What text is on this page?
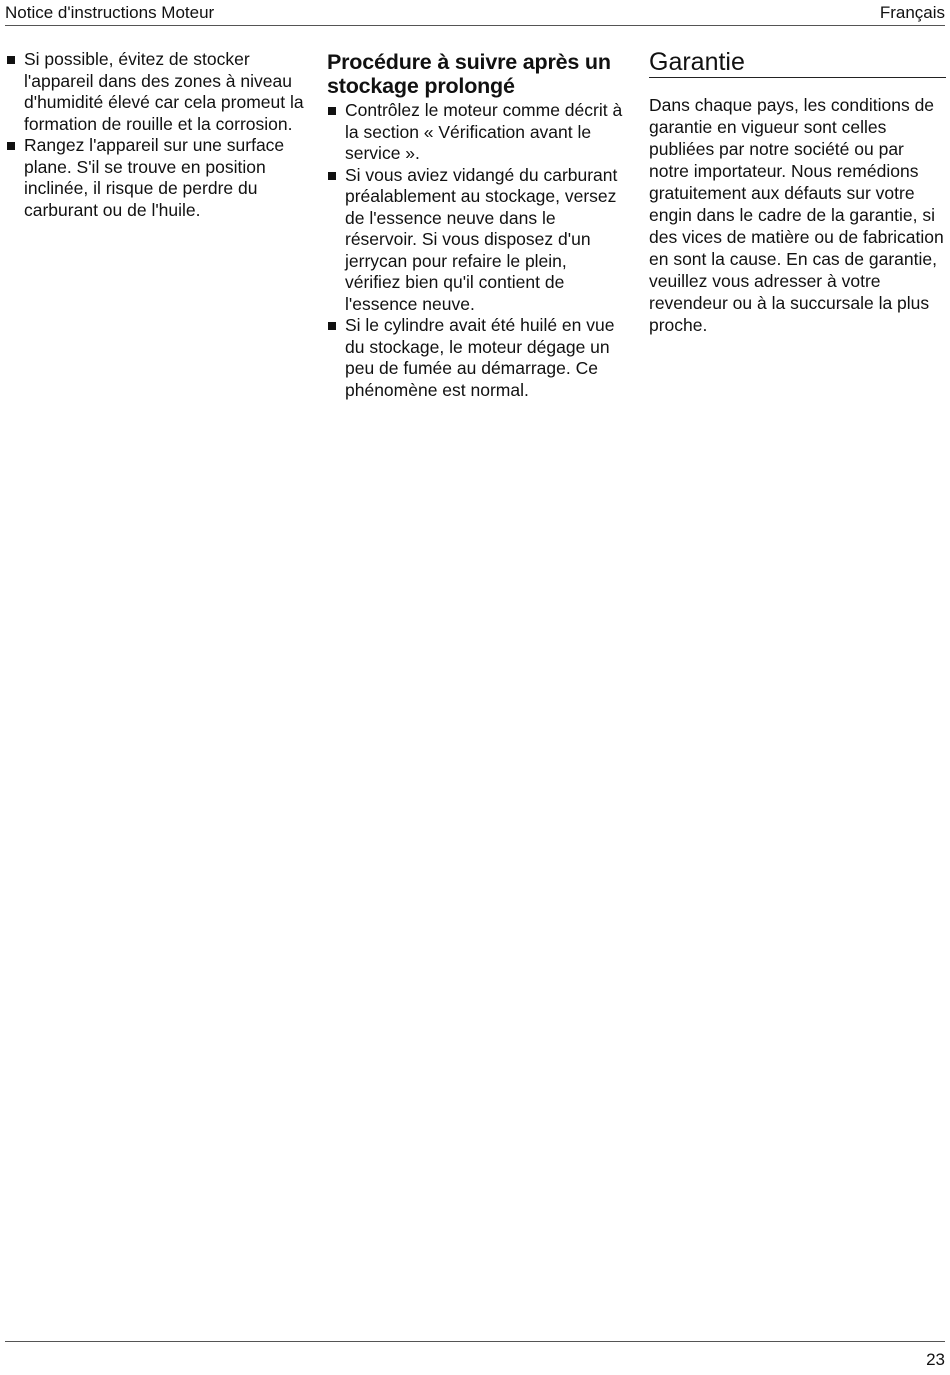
Notice d'instructions Moteur	Français
Si possible, évitez de stocker l'appareil dans des zones à niveau d'humidité élevé car cela promeut la formation de rouille et la corrosion.
Rangez l'appareil sur une surface plane. S'il se trouve en position inclinée, il risque de perdre du carburant ou de l'huile.
Procédure à suivre après un stockage prolongé
Contrôlez le moteur comme décrit à la section « Vérification avant le service ».
Si vous aviez vidangé du carburant préalablement au stockage, versez de l'essence neuve dans le réservoir. Si vous disposez d'un jerrycan pour refaire le plein, vérifiez bien qu'il contient de l'essence neuve.
Si le cylindre avait été huilé en vue du stockage, le moteur dégage un peu de fumée au démarrage. Ce phénomène est normal.
Garantie

Dans chaque pays, les conditions de garantie en vigueur sont celles publiées par notre société ou par notre importateur. Nous remédions gratuitement aux défauts sur votre engin dans le cadre de la garantie, si des vices de matière ou de fabrication en sont la cause. En cas de garantie, veuillez vous adresser à votre revendeur ou à la succursale la plus proche.

23
